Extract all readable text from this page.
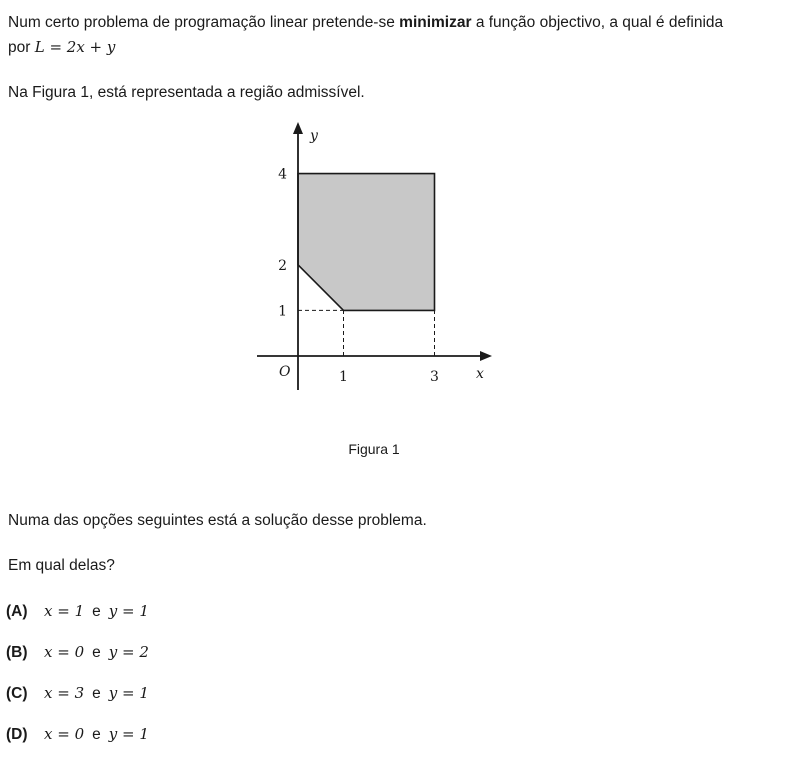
Num certo problema de programação linear pretende-se minimizar a função objectivo, a qual é definida
por L = 2x + y
Na Figura 1, está representada a região admissível.
x
y
O	1	3
1
2
4
Figura 1
Numa das opções seguintes está a solução desse problema.
Em qual delas?
(A) x = 1 e y = 1
(B) x = 0 e y = 2
(C) x = 3 e y = 1
(D) x = 0 e y = 1
